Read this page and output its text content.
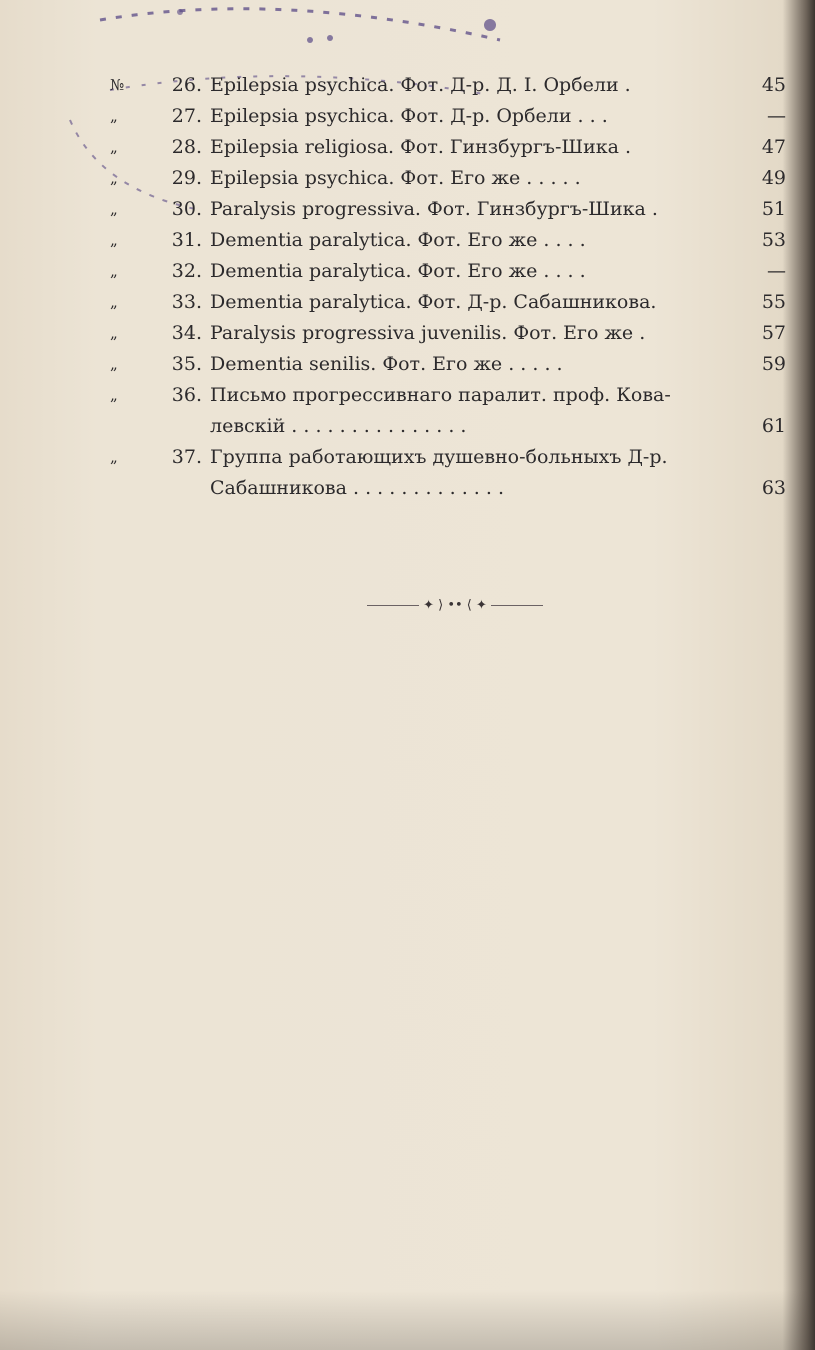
№	26. Epilepsia psychica. Фот. Д-р. Д. I. Орбели .	45
„	27. Epilepsia psychica. Фот. Д-р. Орбели . . .	—
„	28. Epilepsia religiosa. Фот. Гинзбургъ-Шика .	47
„	29. Epilepsia psychica. Фот. Его же . . . . .	49
„	30. Paralysis progressiva. Фот. Гинзбургъ-Шика .	51
„	31. Dementia paralytica. Фот. Его же . . . .	53
„	32. Dementia paralytica. Фот. Его же . . . .	—
„	33. Dementia paralytica. Фот. Д-р. Сабашникова.	55
„	34. Paralysis progressiva juvenilis. Фот. Его же .	57
„	35. Dementia senilis. Фот. Его же . . . . .	59
„	36. Письмо прогрессивнаго паралит. проф. Кова-
левскій . . . . . . . . . . . . . . .	61
„	37. Группа работающихъ душевно-больныхъ Д-р.
Сабашникова . . . . . . . . . . . . .	63
✦ ⟩ •• ⟨ ✦
